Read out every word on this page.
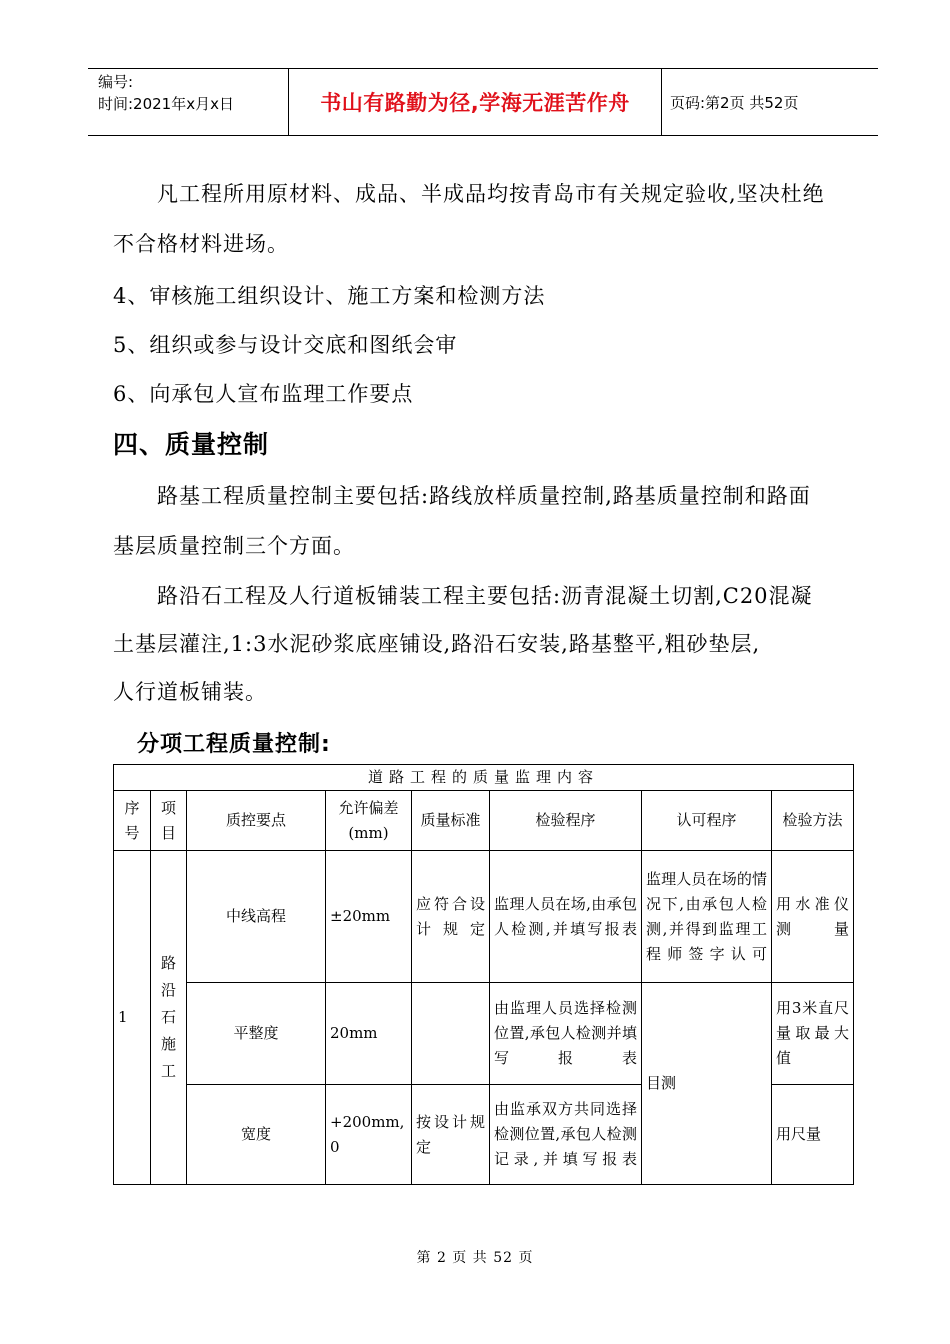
编号:
时间:2021年x月x日	书山有路勤为径,学海无涯苦作舟	页码:第2页 共52页
凡工程所用原材料、成品、半成品均按青岛市有关规定验收,坚决杜绝
不合格材料进场。
4、审核施工组织设计、施工方案和检测方法
5、组织或参与设计交底和图纸会审
6、向承包人宣布监理工作要点
四、质量控制
路基工程质量控制主要包括:路线放样质量控制,路基质量控制和路面
基层质量控制三个方面。
路沿石工程及人行道板铺装工程主要包括:沥青混凝土切割,C20混凝
土基层灌注,1:3水泥砂浆底座铺设,路沿石安装,路基整平,粗砂垫层,
人行道板铺装。
分项工程质量控制:
道路工程的质量监理内容							
序号	项目	质控要点	允许偏差(mm)	质量标准	检验程序	认可程序	检验方法
1	路沿石施工	中线高程	±20mm	应符合设计规定	监理人员在场,由承包人检测,并填写报表	监理人员在场的情况下,由承包人检测,并得到监理工程师签字认可	用水准仪测量
		平整度	20mm		由监理人员选择检测位置,承包人检测并填写报表	目测	用3米直尺量取最大值
		宽度	+200mm,0	按设计规定	由监承双方共同选择检测位置,承包人检测记录,并填写报表		用尺量
第 2 页 共 52 页
